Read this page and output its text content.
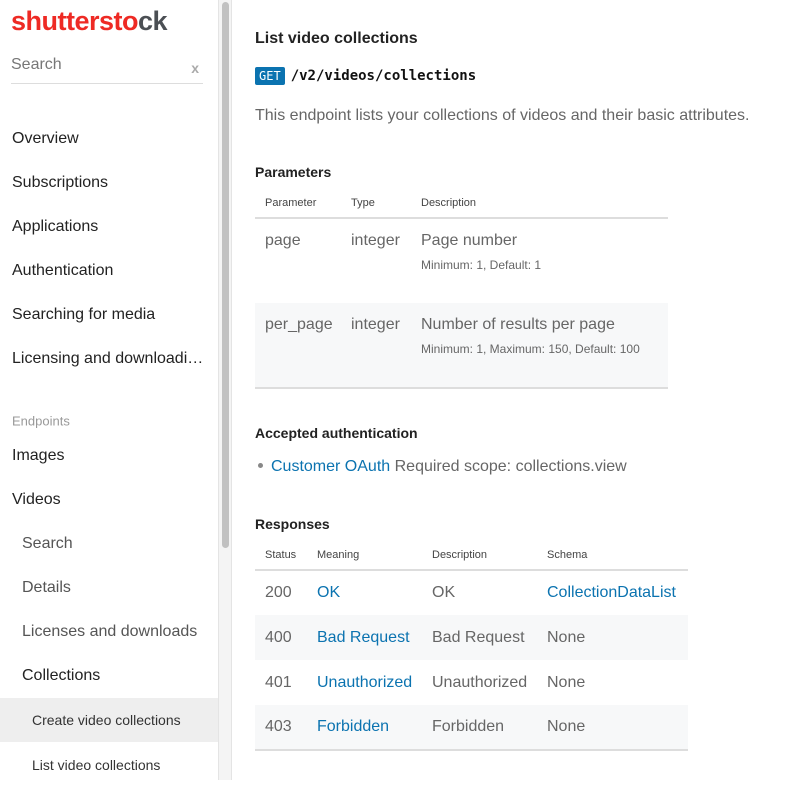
shutterstock
Search	x
Overview
Subscriptions
Applications
Authentication
Searching for media
Licensing and downloadi…
Endpoints
Images
Videos
Search
Details
Licenses and downloads
Collections
Create video collections
List video collections
List video collections
GET /v2/videos/collections
This endpoint lists your collections of videos and their basic attributes.
Parameters
Parameter	Type	Description
page	integer	Page number
Minimum: 1, Default: 1

per_page	integer	Number of results per page
Minimum: 1, Maximum: 150, Default: 100
Accepted authentication
Customer OAuth Required scope: collections.view
Responses
Status	Meaning	Description	Schema
200	OK	OK	CollectionDataList
400	Bad Request	Bad Request	None
401	Unauthorized	Unauthorized	None
403	Forbidden	Forbidden	None
